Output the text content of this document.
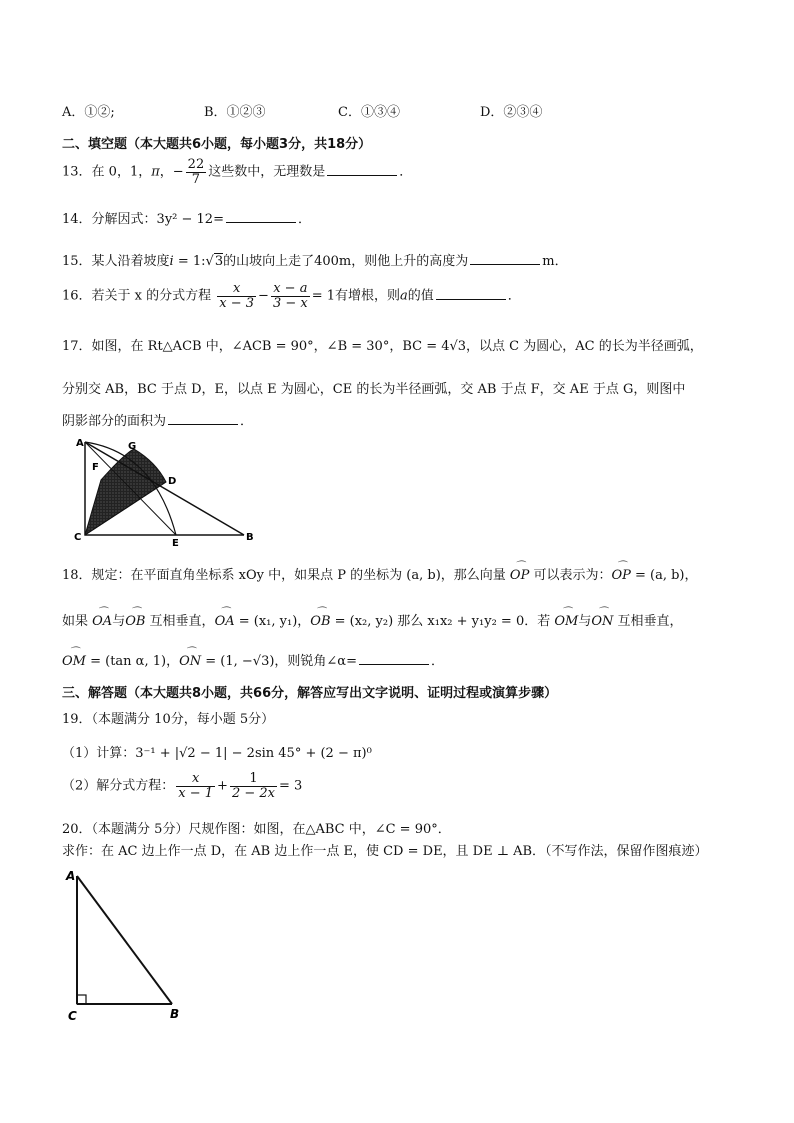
A．①②;	B．①②③	C．①③④	D．②③④
二、填空题（本大题共6小题，每小题3分，共18分）
13．在 0，1，π，− $\frac{22}{7}$ 这些数中，无理数是	．
14．分解因式：3y² − 12=	．
15．某人沿着坡度i = 1:√3的山坡向上走了400m，则他上升的高度为	m．
16．若关于 x 的分式方程 $\frac{x}{x - 3} - \frac{x - a}{3 - x} = 1$有增根，则a的值	．
17．如图，在 Rt△ACB 中，∠ACB = 90°，∠B = 30°，BC = 4√3，以点 C 为圆心，AC 的长为半径画弧，
分别交 AB，BC 于点 D，E，以点 E 为圆心，CE 的长为半径画弧，交 AB 于点 F，交 AE 于点 G，则图中
阴影部分的面积为	．
A	G
F
D
C
E
B
18．规定：在平面直角坐标系 xOy 中，如果点 P 的坐标为 (a, b)，那么向量 ⌒ OP 可以表示为：⌒ OP = (a, b)，
如果 ⌒ OA与⌒ OB 互相垂直，⌒ OA = (x₁, y₁)，⌒ OB = (x₂, y₂) 那么 x₁x₂ + y₁y₂ = 0．若 ⌒ OM与⌒ ON 互相垂直，
⌒ OM = (tan α, 1)，⌒ ON = (1, −√3)，则锐角∠α=	．
三、解答题（本大题共8小题，共66分，解答应写出文字说明、证明过程或演算步骤）
19．（本题满分 10分，每小题 5分）
（1）计算：3⁻¹ + |√2 − 1| − 2sin 45° + (2 − π)⁰
（2）解分式方程： $\frac{x}{x - 1} + \frac{1}{2 - 2x} = 3$
20．（本题满分 5分）尺规作图：如图，在△ABC 中，∠C = 90°．
求作：在 AC 边上作一点 D，在 AB 边上作一点 E，使 CD = DE，且 DE ⊥ AB．（不写作法，保留作图痕迹）
A
C	B
